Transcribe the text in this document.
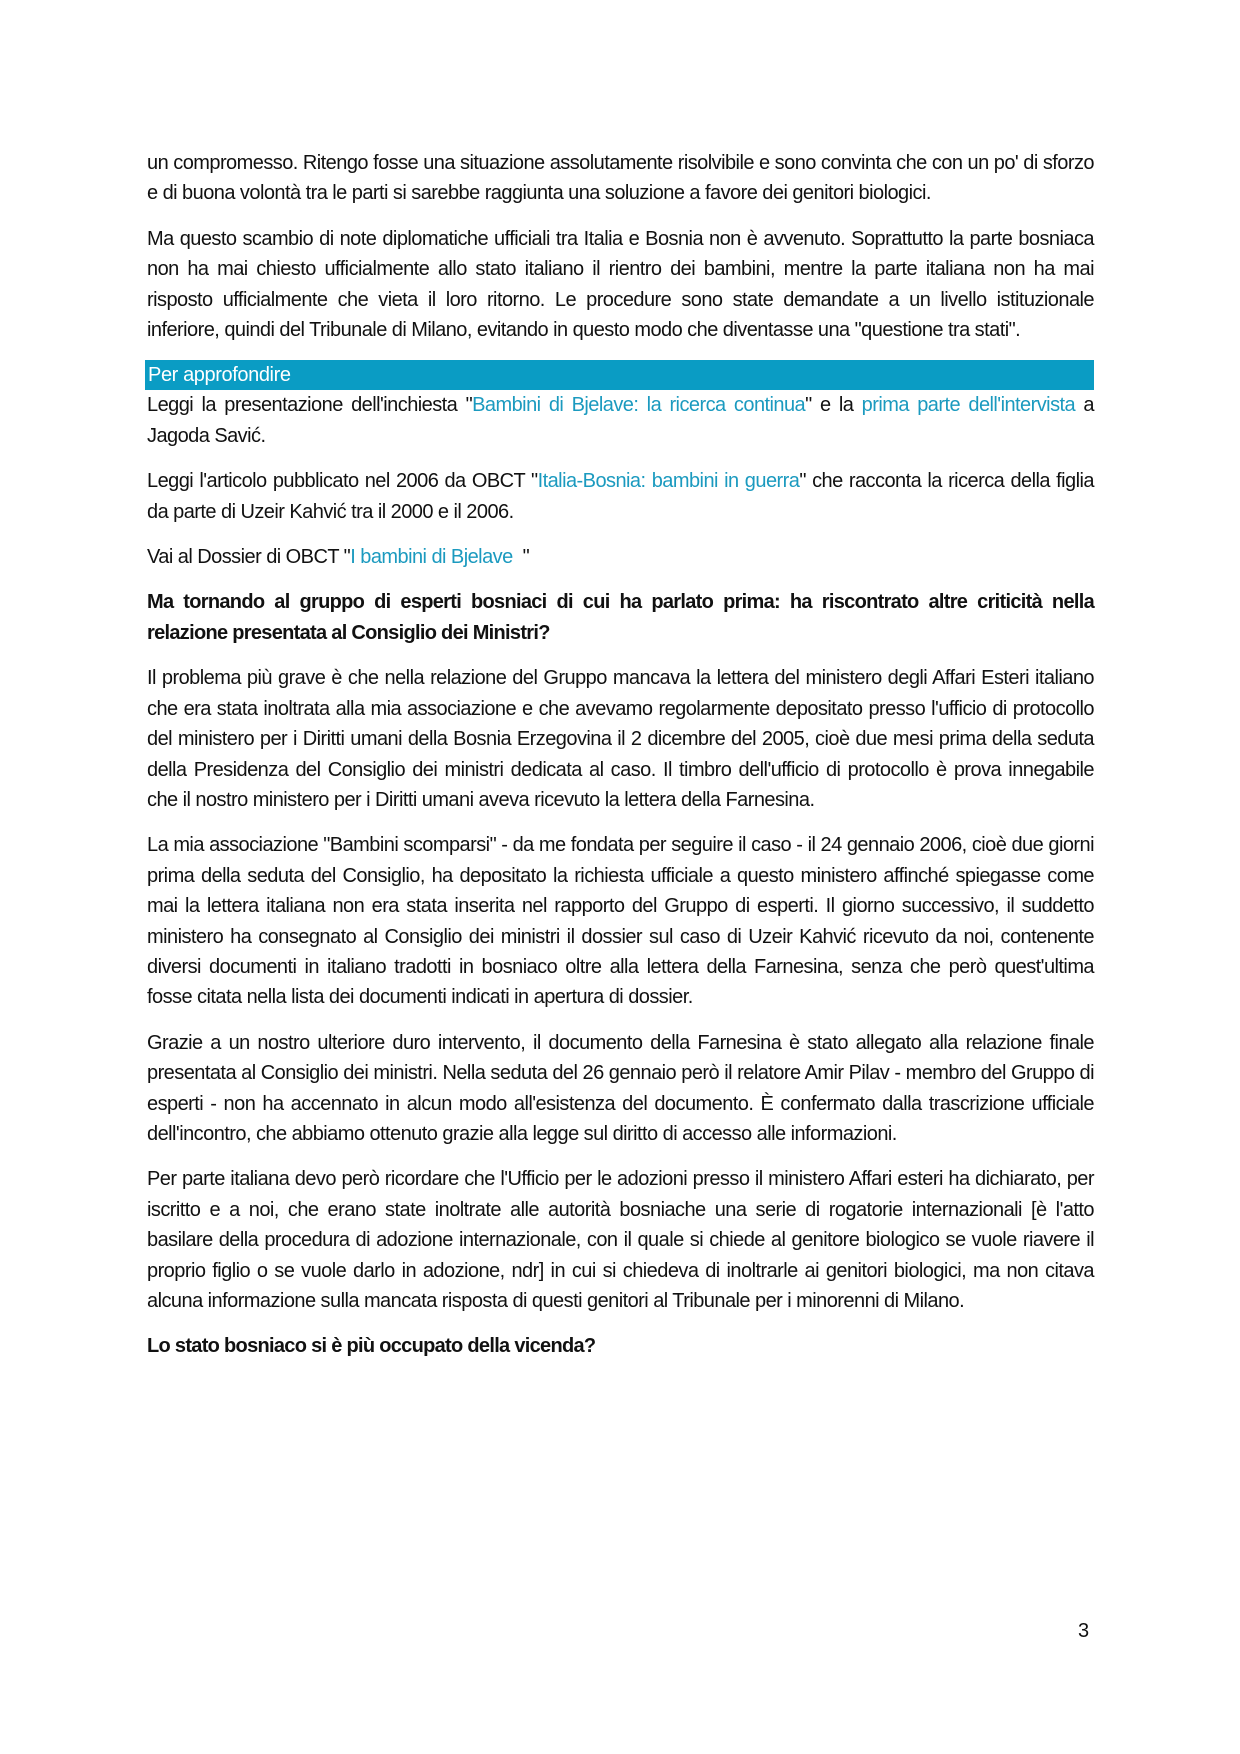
un compromesso. Ritengo fosse una situazione assolutamente risolvibile e sono convinta che con un po' di sforzo e di buona volontà tra le parti si sarebbe raggiunta una soluzione a favore dei genitori biologici.

Ma questo scambio di note diplomatiche ufficiali tra Italia e Bosnia non è avvenuto. Soprattutto la parte bosniaca non ha mai chiesto ufficialmente allo stato italiano il rientro dei bambini, mentre la parte italiana non ha mai risposto ufficialmente che vieta il loro ritorno. Le procedure sono state demandate a un livello istituzionale inferiore, quindi del Tribunale di Milano, evitando in questo modo che diventasse una "questione tra stati".

Per approfondire

Leggi la presentazione dell'inchiesta "Bambini di Bjelave: la ricerca continua" e la prima parte dell'intervista a Jagoda Savić.

Leggi l'articolo pubblicato nel 2006 da OBCT "Italia-Bosnia: bambini in guerra" che racconta la ricerca della figlia da parte di Uzeir Kahvić tra il 2000 e il 2006.

Vai al Dossier di OBCT "I bambini di Bjelave  "

Ma tornando al gruppo di esperti bosniaci di cui ha parlato prima: ha riscontrato altre criticità nella relazione presentata al Consiglio dei Ministri?

Il problema più grave è che nella relazione del Gruppo mancava la lettera del ministero degli Affari Esteri italiano che era stata inoltrata alla mia associazione e che avevamo regolarmente depositato presso l'ufficio di protocollo del ministero per i Diritti umani della Bosnia Erzegovina il 2 dicembre del 2005, cioè due mesi prima della seduta della Presidenza del Consiglio dei ministri dedicata al caso. Il timbro dell'ufficio di protocollo è prova innegabile che il nostro ministero per i Diritti umani aveva ricevuto la lettera della Farnesina.

La mia associazione "Bambini scomparsi" - da me fondata per seguire il caso - il 24 gennaio 2006, cioè due giorni prima della seduta del Consiglio, ha depositato la richiesta ufficiale a questo ministero affinché spiegasse come mai la lettera italiana non era stata inserita nel rapporto del Gruppo di esperti. Il giorno successivo, il suddetto ministero ha consegnato al Consiglio dei ministri il dossier sul caso di Uzeir Kahvić ricevuto da noi, contenente diversi documenti in italiano tradotti in bosniaco oltre alla lettera della Farnesina, senza che però quest'ultima fosse citata nella lista dei documenti indicati in apertura di dossier.

Grazie a un nostro ulteriore duro intervento, il documento della Farnesina è stato allegato alla relazione finale presentata al Consiglio dei ministri. Nella seduta del 26 gennaio però il relatore Amir Pilav - membro del Gruppo di esperti - non ha accennato in alcun modo all'esistenza del documento. È confermato dalla trascrizione ufficiale dell'incontro, che abbiamo ottenuto grazie alla legge sul diritto di accesso alle informazioni.

Per parte italiana devo però ricordare che l'Ufficio per le adozioni presso il ministero Affari esteri ha dichiarato, per iscritto e a noi, che erano state inoltrate alle autorità bosniache una serie di rogatorie internazionali [è l'atto basilare della procedura di adozione internazionale, con il quale si chiede al genitore biologico se vuole riavere il proprio figlio o se vuole darlo in adozione, ndr] in cui si chiedeva di inoltrarle ai genitori biologici, ma non citava alcuna informazione sulla mancata risposta di questi genitori al Tribunale per i minorenni di Milano.

Lo stato bosniaco si è più occupato della vicenda?

3
